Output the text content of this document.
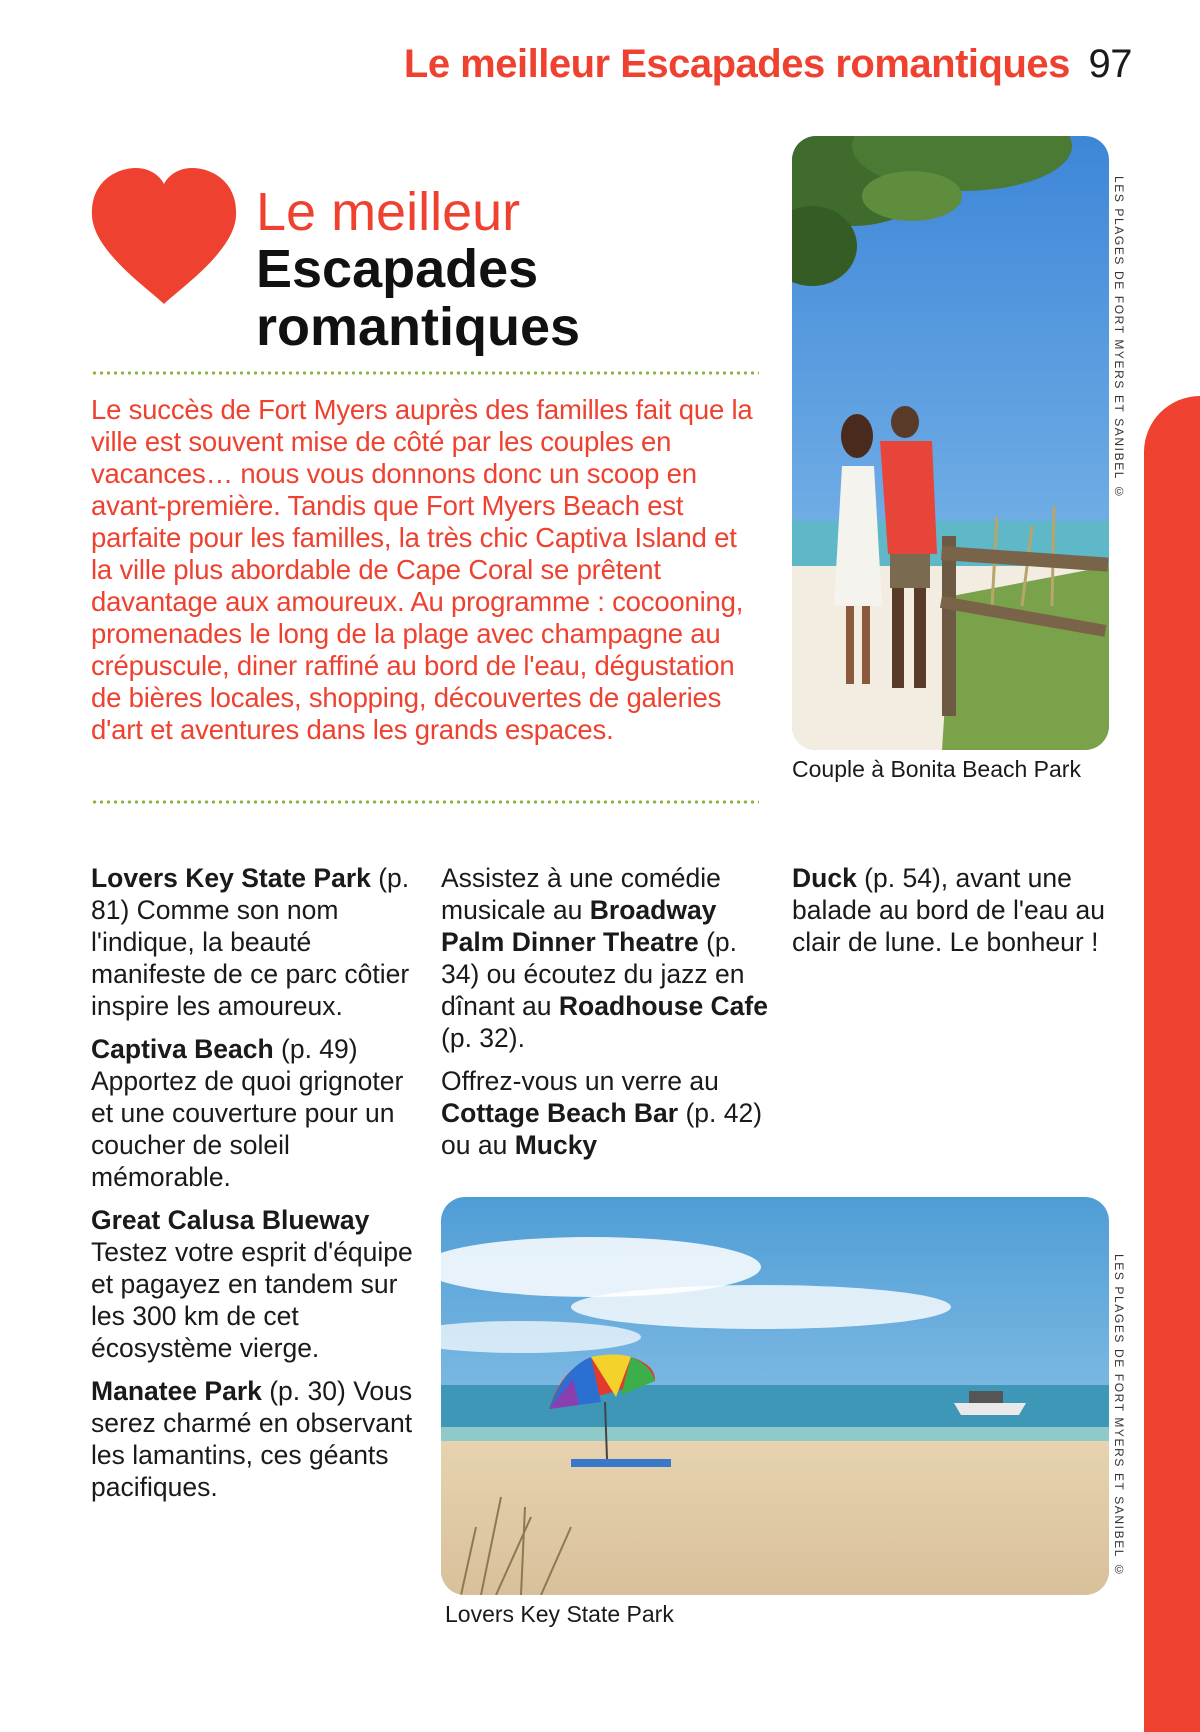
Le meilleur Escapades romantiques 97
Le meilleur
Escapades
romantiques
Le succès de Fort Myers auprès des familles fait que la ville est souvent mise de côté par les couples en vacances… nous vous donnons donc un scoop en avant-première. Tandis que Fort Myers Beach est parfaite pour les familles, la très chic Captiva Island et la ville plus abordable de Cape Coral se prêtent davantage aux amoureux. Au programme : cocooning, promenades le long de la plage avec champagne au crépuscule, diner raffiné au bord de l'eau, dégustation de bières locales, shopping, découvertes de galeries d'art et aventures dans les grands espaces.
Couple à Bonita Beach Park
LES PLAGES DE FORT MYERS ET SANIBEL ©
Lovers Key State Park
LES PLAGES DE FORT MYERS ET SANIBEL ©

Lovers Key State Park (p. 81) Comme son nom l'indique, la beauté manifeste de ce parc côtier inspire les amoureux.

Captiva Beach (p. 49) Apportez de quoi grignoter et une couverture pour un coucher de soleil mémorable.

Great Calusa Blueway Testez votre esprit d'équipe et pagayez en tandem sur les 300 km de cet écosystème vierge.

Manatee Park (p. 30) Vous serez charmé en observant les lamantins, ces géants pacifiques.

Assistez à une comédie musicale au Broadway Palm Dinner Theatre (p. 34) ou écoutez du jazz en dînant au Roadhouse Cafe (p. 32).

Offrez-vous un verre au Cottage Beach Bar (p. 42) ou au Mucky

Duck (p. 54), avant une balade au bord de l'eau au clair de lune. Le bonheur !
